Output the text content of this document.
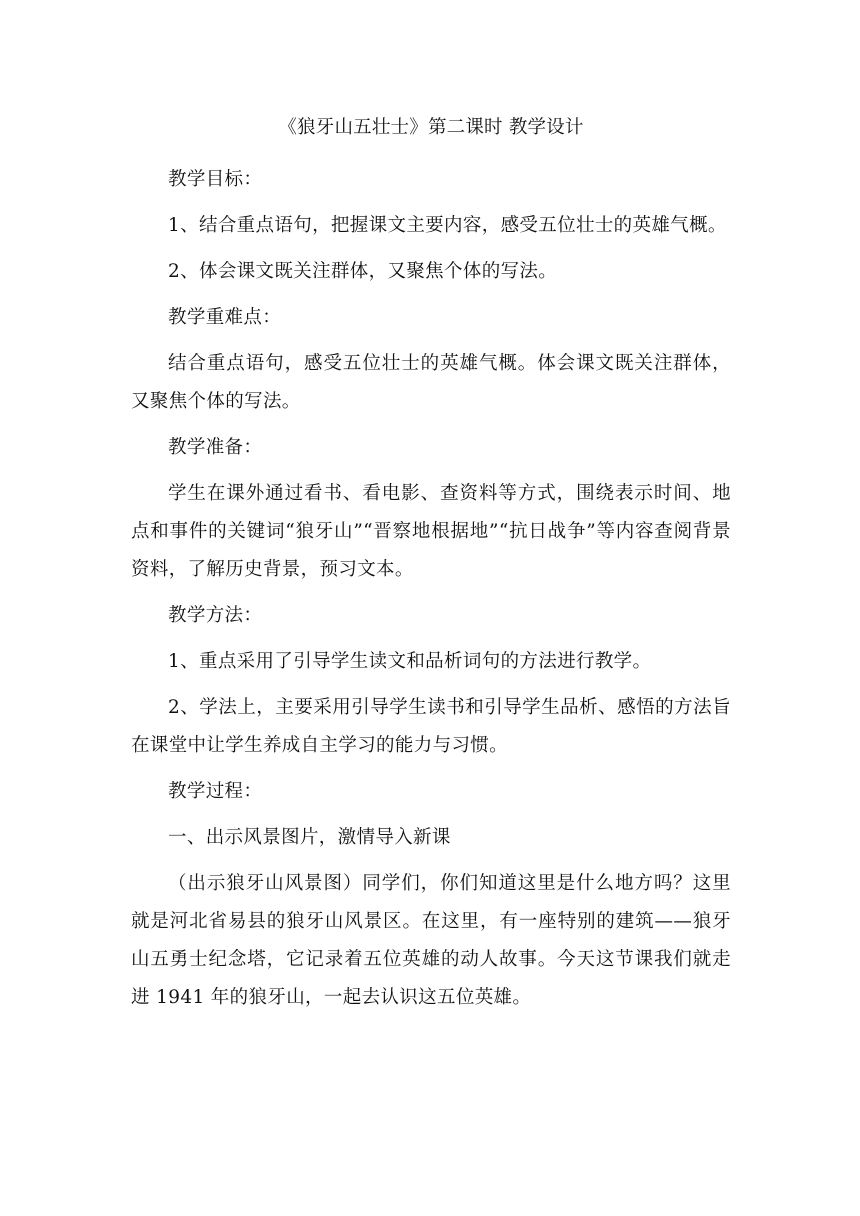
《狼牙山五壮士》第二课时 教学设计

教学目标：

1、结合重点语句，把握课文主要内容，感受五位壮士的英雄气概。

2、体会课文既关注群体，又聚焦个体的写法。

教学重难点：

结合重点语句，感受五位壮士的英雄气概。体会课文既关注群体，又聚焦个体的写法。

教学准备：

学生在课外通过看书、看电影、查资料等方式，围绕表示时间、地点和事件的关键词“狼牙山”“晋察地根据地”“抗日战争”等内容查阅背景资料，了解历史背景，预习文本。

教学方法：

1、重点采用了引导学生读文和品析词句的方法进行教学。

2、学法上，主要采用引导学生读书和引导学生品析、感悟的方法旨在课堂中让学生养成自主学习的能力与习惯。

教学过程：

一、出示风景图片，激情导入新课

（出示狼牙山风景图）同学们，你们知道这里是什么地方吗？这里就是河北省易县的狼牙山风景区。在这里，有一座特别的建筑——狼牙山五勇士纪念塔，它记录着五位英雄的动人故事。今天这节课我们就走进 1941 年的狼牙山，一起去认识这五位英雄。
